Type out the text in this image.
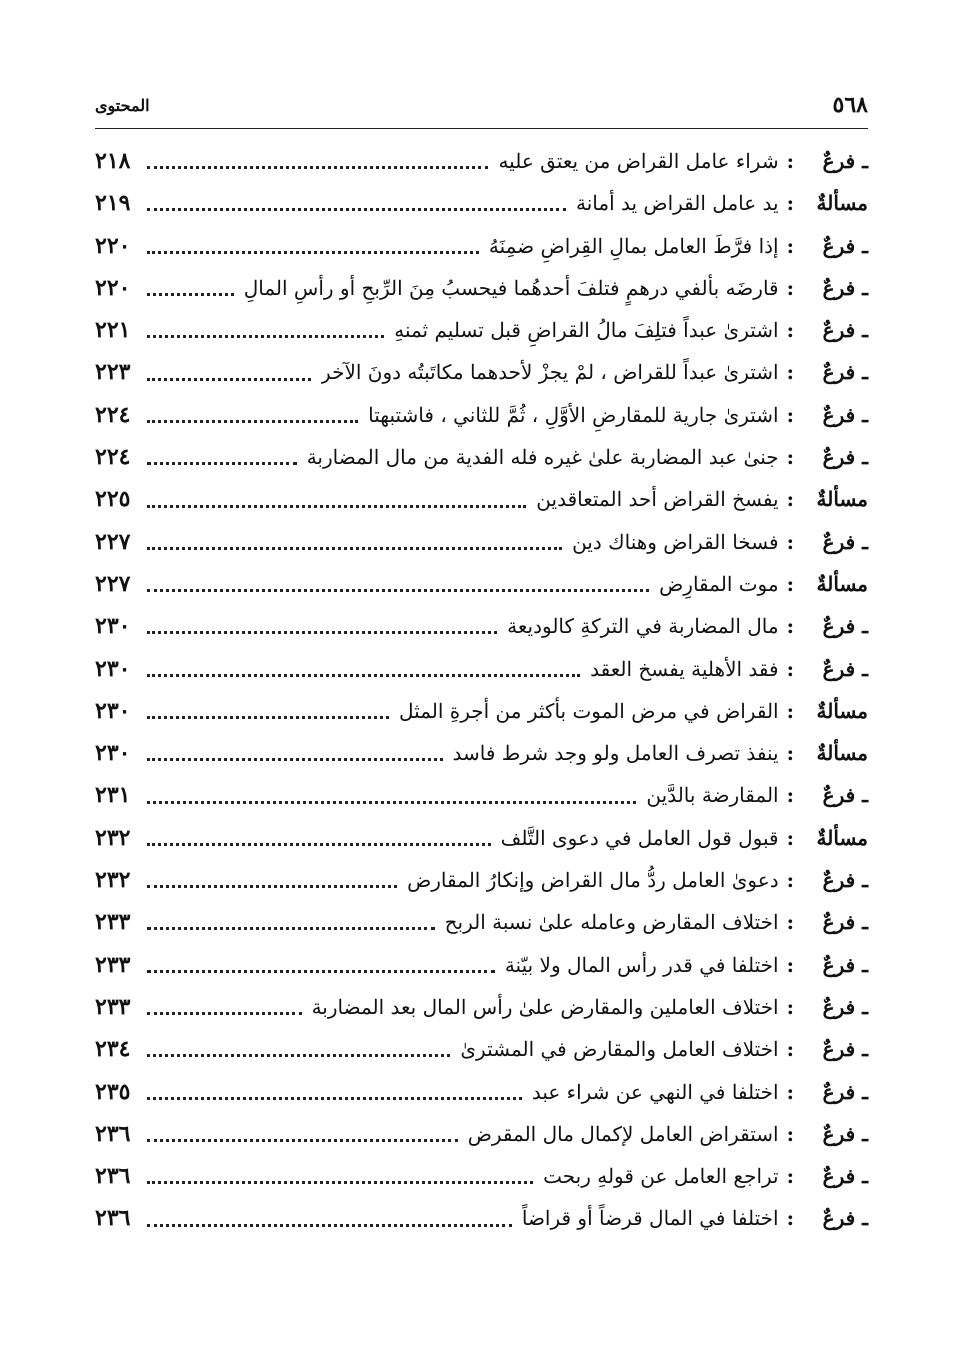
٥٦٨
المحتوى
ـ فرعٌ
:
شراء عامل القراض من يعتق عليه
٢١٨
مسألةٌ
:
يد عامل القراض يد أمانة
٢١٩
ـ فرعٌ
:
إذا فرَّطَ العامل بمالِ القِراضِ ضمِنَهُ
٢٢٠
ـ فرعٌ
:
قارضَه بألفي درهمٍ فتلفَ أحدهُما فيحسبُ مِنَ الرِّبحِ أو رأسِ المالِ
٢٢٠
ـ فرعٌ
:
اشترىٰ عبداً فتلِفَ مالُ القراضِ قبل تسليم ثمنهِ
٢٢١
ـ فرعٌ
:
اشترىٰ عبداً للقراض ، لمْ يجزْ لأحدهما مكاتَبتُه دونَ الآخر
٢٢٣
ـ فرعٌ
:
اشترىٰ جارية للمقارضِ الأوَّلِ ، ثُمَّ للثاني ، فاشتبهتا
٢٢٤
ـ فرعٌ
:
جنىٰ عبد المضاربة علىٰ غيره فله الفدية من مال المضاربة
٢٢٤
مسألةٌ
:
يفسخ القراض أحد المتعاقدين
٢٢٥
ـ فرعٌ
:
فسخا القراض وهناك دين
٢٢٧
مسألةٌ
:
موت المقارِض
٢٢٧
ـ فرعٌ
:
مال المضاربة في التركةِ كالوديعة
٢٣٠
ـ فرعٌ
:
فقد الأهلية يفسخ العقد
٢٣٠
مسألةٌ
:
القراض في مرض الموت بأكثر من أجرةِ المثل
٢٣٠
مسألةٌ
:
ينفذ تصرف العامل ولو وجد شرط فاسد
٢٣٠
ـ فرعٌ
:
المقارضة بالدَّين
٢٣١
مسألةٌ
:
قبول قول العامل في دعوى التَّلف
٢٣٢
ـ فرعٌ
:
دعوىٰ العامل ردُّ مال القراض وإنكارُ المقارض
٢٣٢
ـ فرعٌ
:
اختلاف المقارض وعامله علىٰ نسبة الربح
٢٣٣
ـ فرعٌ
:
اختلفا في قدر رأس المال ولا بيّنة
٢٣٣
ـ فرعٌ
:
اختلاف العاملين والمقارض علىٰ رأس المال بعد المضاربة
٢٣٣
ـ فرعٌ
:
اختلاف العامل والمقارض في المشترىٰ
٢٣٤
ـ فرعٌ
:
اختلفا في النهي عن شراء عبد
٢٣٥
ـ فرعٌ
:
استقراض العامل لإكمال مال المقرض
٢٣٦
ـ فرعٌ
:
تراجع العامل عن قولهِ ربحت
٢٣٦
ـ فرعٌ
:
اختلفا في المال قرضاً أو قراضاً
٢٣٦
